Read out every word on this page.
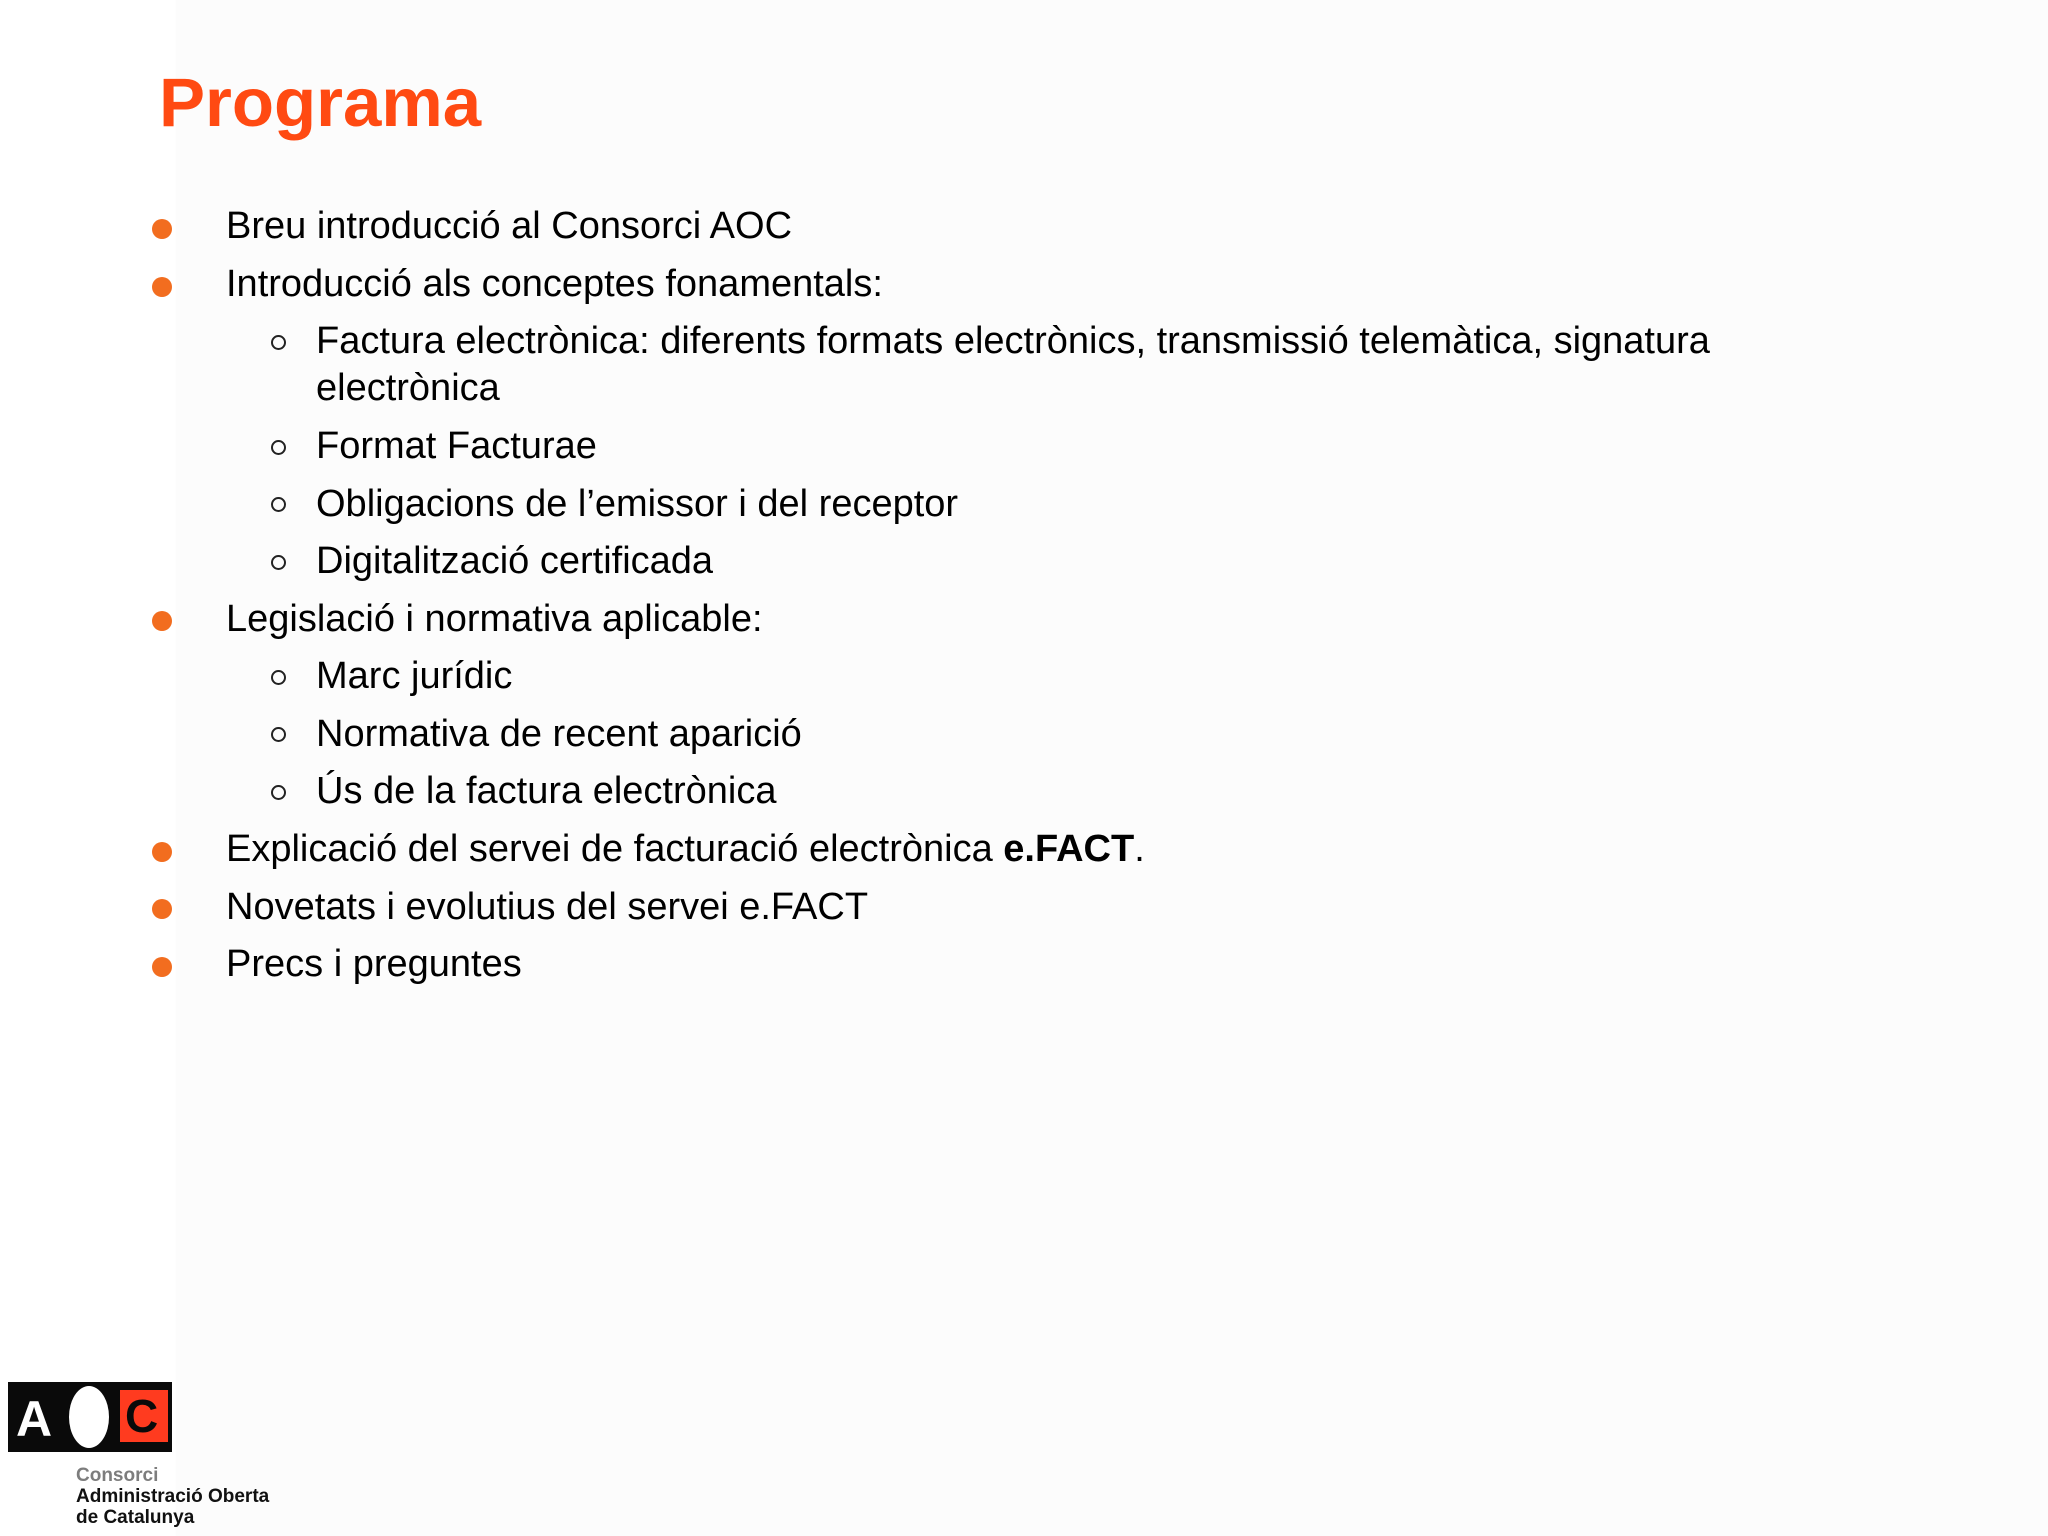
Programa
Breu introducció al Consorci AOC
Introducció als conceptes fonamentals:
Factura electrònica: diferents formats electrònics, transmissió telemàtica, signatura
electrònica
Format Facturae
Obligacions de l’emissor i del receptor
Digitalització certificada
Legislació i normativa aplicable:
Marc jurídic
Normativa de recent aparició
Ús de la factura electrònica
Explicació del servei de facturació electrònica e.FACT.
Novetats i evolutius del servei e.FACT
Precs i preguntes
A C
Consorci
Administració Oberta
de Catalunya
